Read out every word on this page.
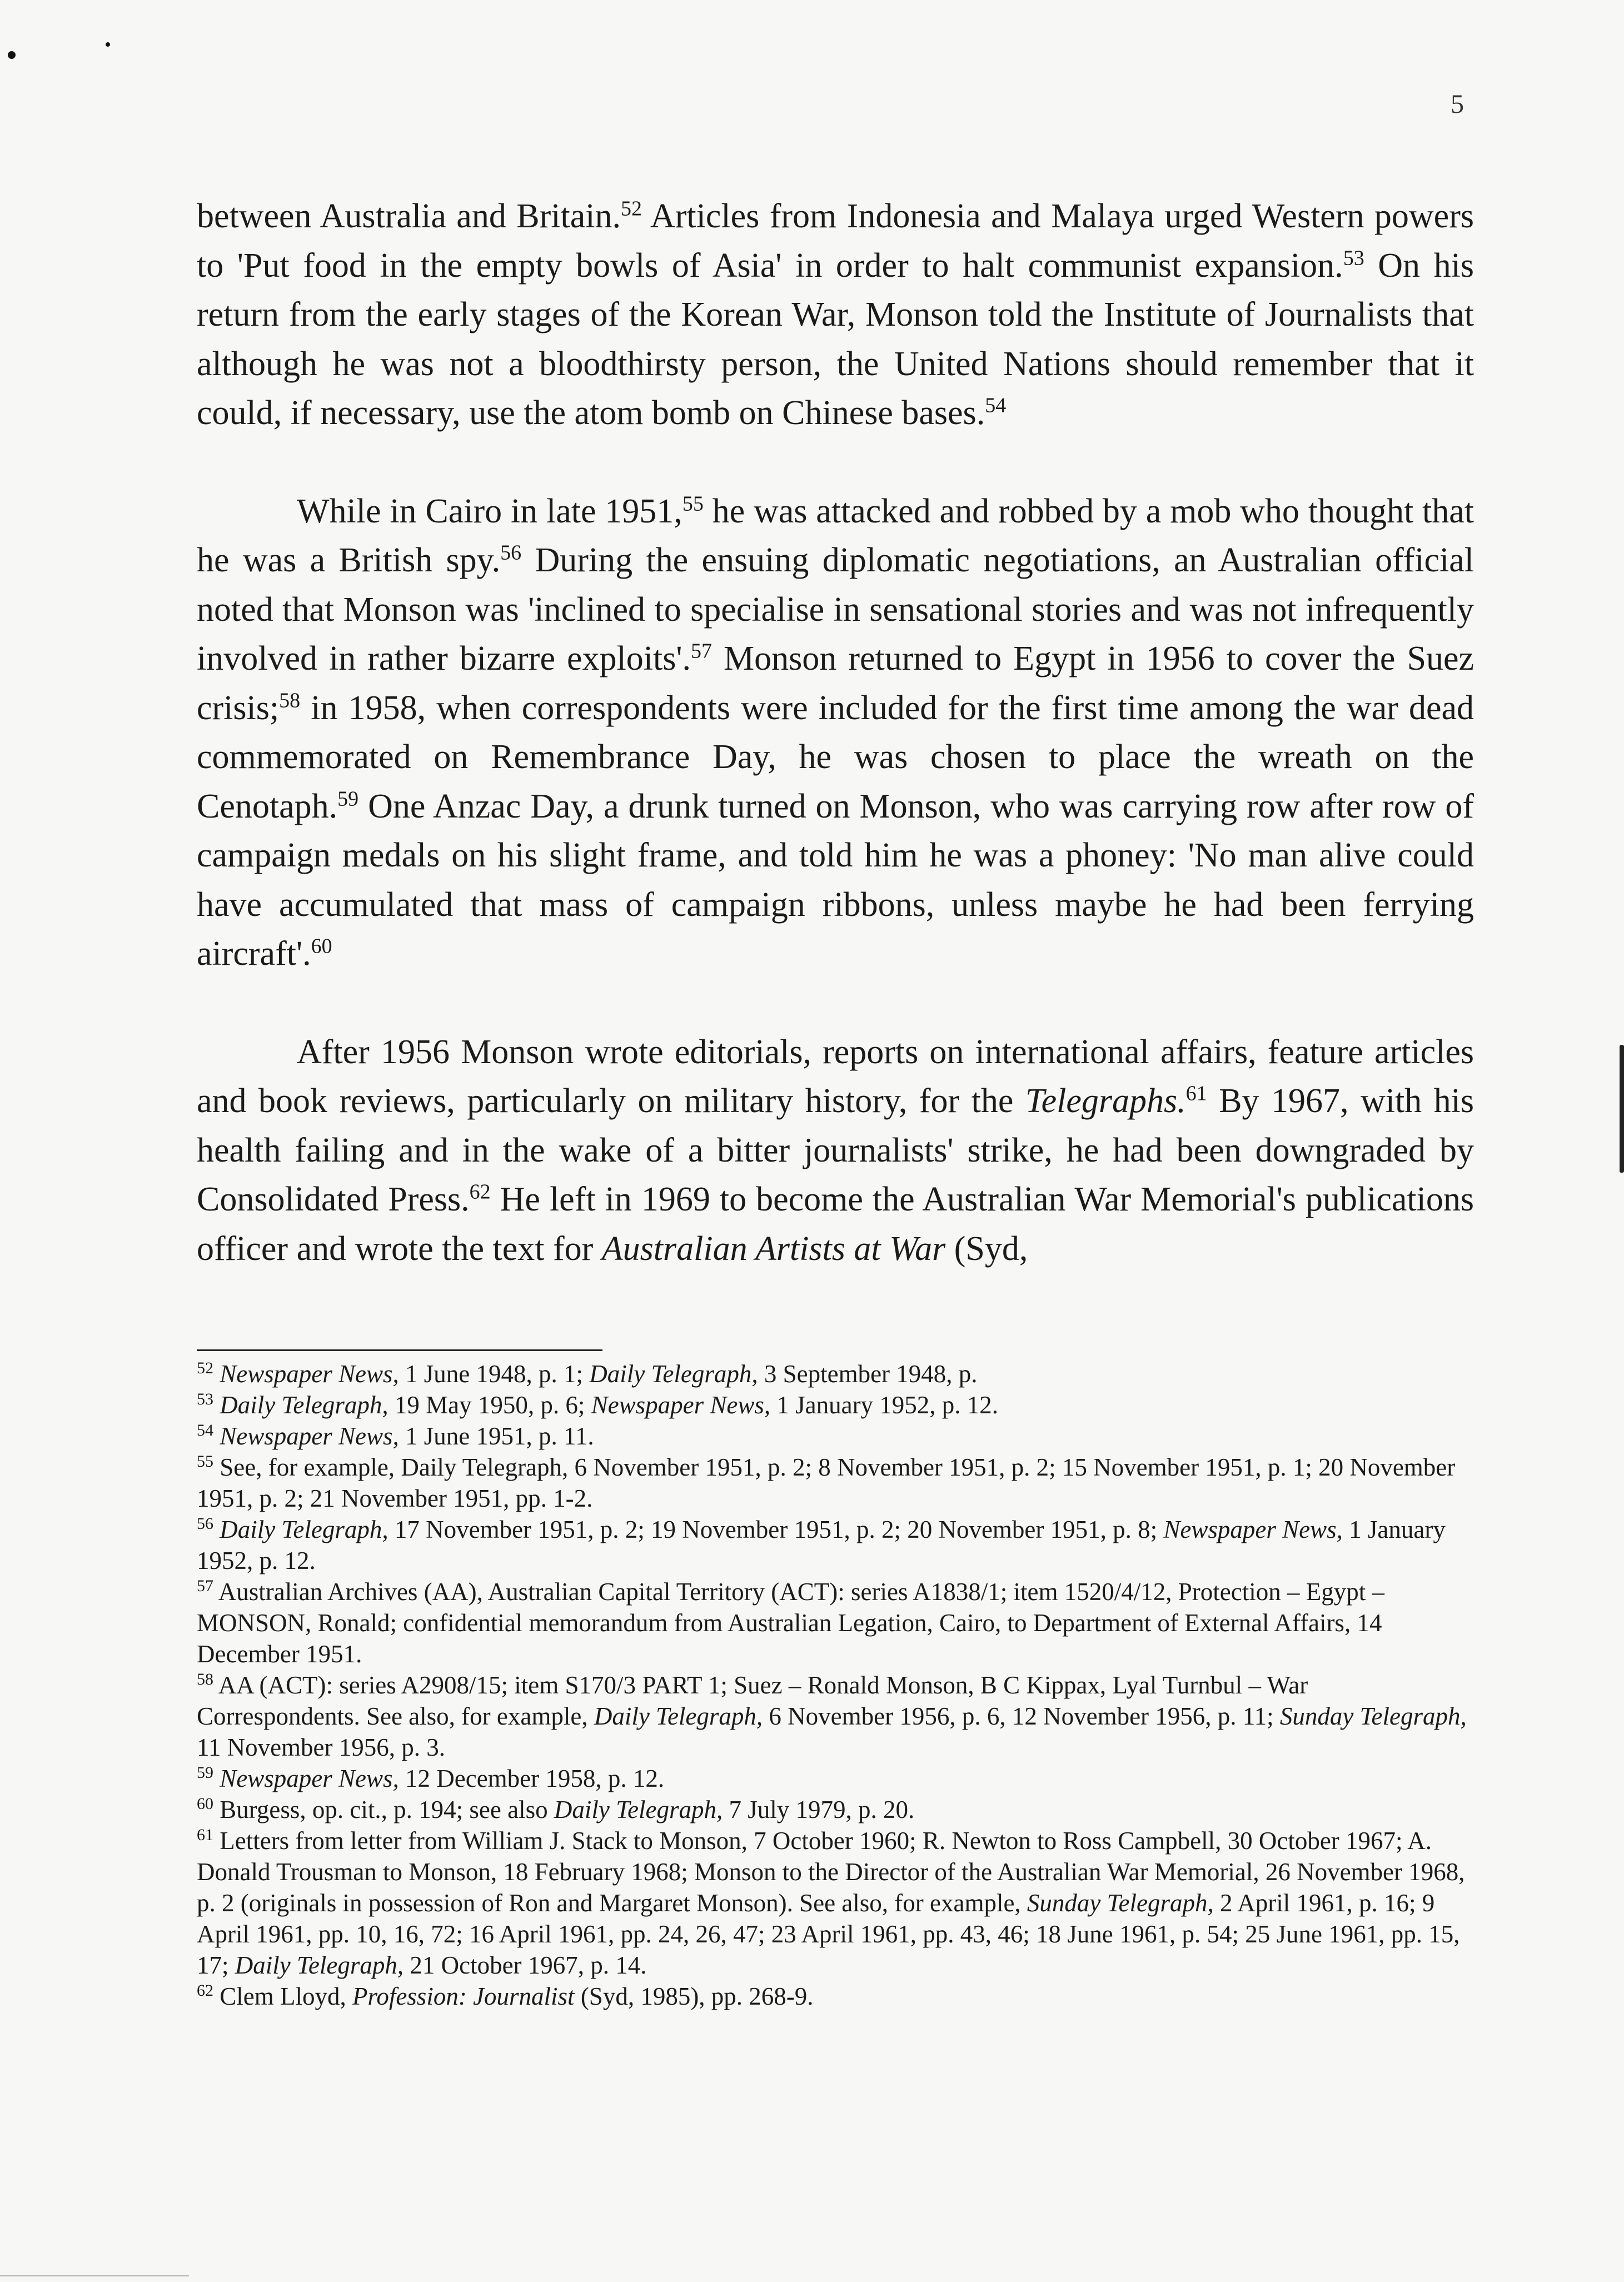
5

between Australia and Britain.$^{52}$ Articles from Indonesia and Malaya urged Western powers to 'Put food in the empty bowls of Asia' in order to halt communist expansion.$^{53}$ On his return from the early stages of the Korean War, Monson told the Institute of Journalists that although he was not a bloodthirsty person, the United Nations should remember that it could, if necessary, use the atom bomb on Chinese bases.$^{54}$

While in Cairo in late 1951,55 he was attacked and robbed by a mob who thought that he was a British spy.$^{56}$ During the ensuing diplomatic negotiations, an Australian official noted that Monson was 'inclined to specialise in sensational stories and was not infrequently involved in rather bizarre exploits'.$^{57}$ Monson returned to Egypt in 1956 to cover the Suez crisis;$^{58}$ in 1958, when correspondents were included for the first time among the war dead commemorated on Remembrance Day, he was chosen to place the wreath on the Cenotaph.$^{59}$ One Anzac Day, a drunk turned on Monson, who was carrying row after row of campaign medals on his slight frame, and told him he was a phoney: 'No man alive could have accumulated that mass of campaign ribbons, unless maybe he had been ferrying aircraft'.$^{60}$

After 1956 Monson wrote editorials, reports on international affairs, feature articles and book reviews, particularly on military history, for the Telegraphs.$^{61}$ By 1967, with his health failing and in the wake of a bitter journalists' strike, he had been downgraded by Consolidated Press.$^{62}$ He left in 1969 to become the Australian War Memorial's publications officer and wrote the text for Australian Artists at War (Syd,

$^{52}$ Newspaper News, 1 June 1948, p. 1; Daily Telegraph, 3 September 1948, p.

$^{53}$ Daily Telegraph, 19 May 1950, p. 6; Newspaper News, 1 January 1952, p. 12.

$^{54}$ Newspaper News, 1 June 1951, p. 11.

$^{55}$ See, for example, Daily Telegraph, 6 November 1951, p. 2; 8 November 1951, p. 2; 15 November 1951, p. 1; 20 November 1951, p. 2; 21 November 1951, pp. 1-2.

$^{56}$ Daily Telegraph, 17 November 1951, p. 2; 19 November 1951, p. 2; 20 November 1951, p. 8; Newspaper News, 1 January 1952, p. 12.

$^{57}$ Australian Archives (AA), Australian Capital Territory (ACT): series A1838/1; item 1520/4/12, Protection – Egypt – MONSON, Ronald; confidential memorandum from Australian Legation, Cairo, to Department of External Affairs, 14 December 1951.

$^{58}$ AA (ACT): series A2908/15; item S170/3 PART 1; Suez – Ronald Monson, B C Kippax, Lyal Turnbul – War Correspondents. See also, for example, Daily Telegraph, 6 November 1956, p. 6, 12 November 1956, p. 11; Sunday Telegraph, 11 November 1956, p. 3.

$^{59}$ Newspaper News, 12 December 1958, p. 12.

$^{60}$ Burgess, op. cit., p. 194; see also Daily Telegraph, 7 July 1979, p. 20.

$^{61}$ Letters from letter from William J. Stack to Monson, 7 October 1960; R. Newton to Ross Campbell, 30 October 1967; A. Donald Trousman to Monson, 18 February 1968; Monson to the Director of the Australian War Memorial, 26 November 1968, p. 2 (originals in possession of Ron and Margaret Monson). See also, for example, Sunday Telegraph, 2 April 1961, p. 16; 9 April 1961, pp. 10, 16, 72; 16 April 1961, pp. 24, 26, 47; 23 April 1961, pp. 43, 46; 18 June 1961, p. 54; 25 June 1961, pp. 15, 17; Daily Telegraph, 21 October 1967, p. 14.

$^{62}$ Clem Lloyd, Profession: Journalist (Syd, 1985), pp. 268-9.
